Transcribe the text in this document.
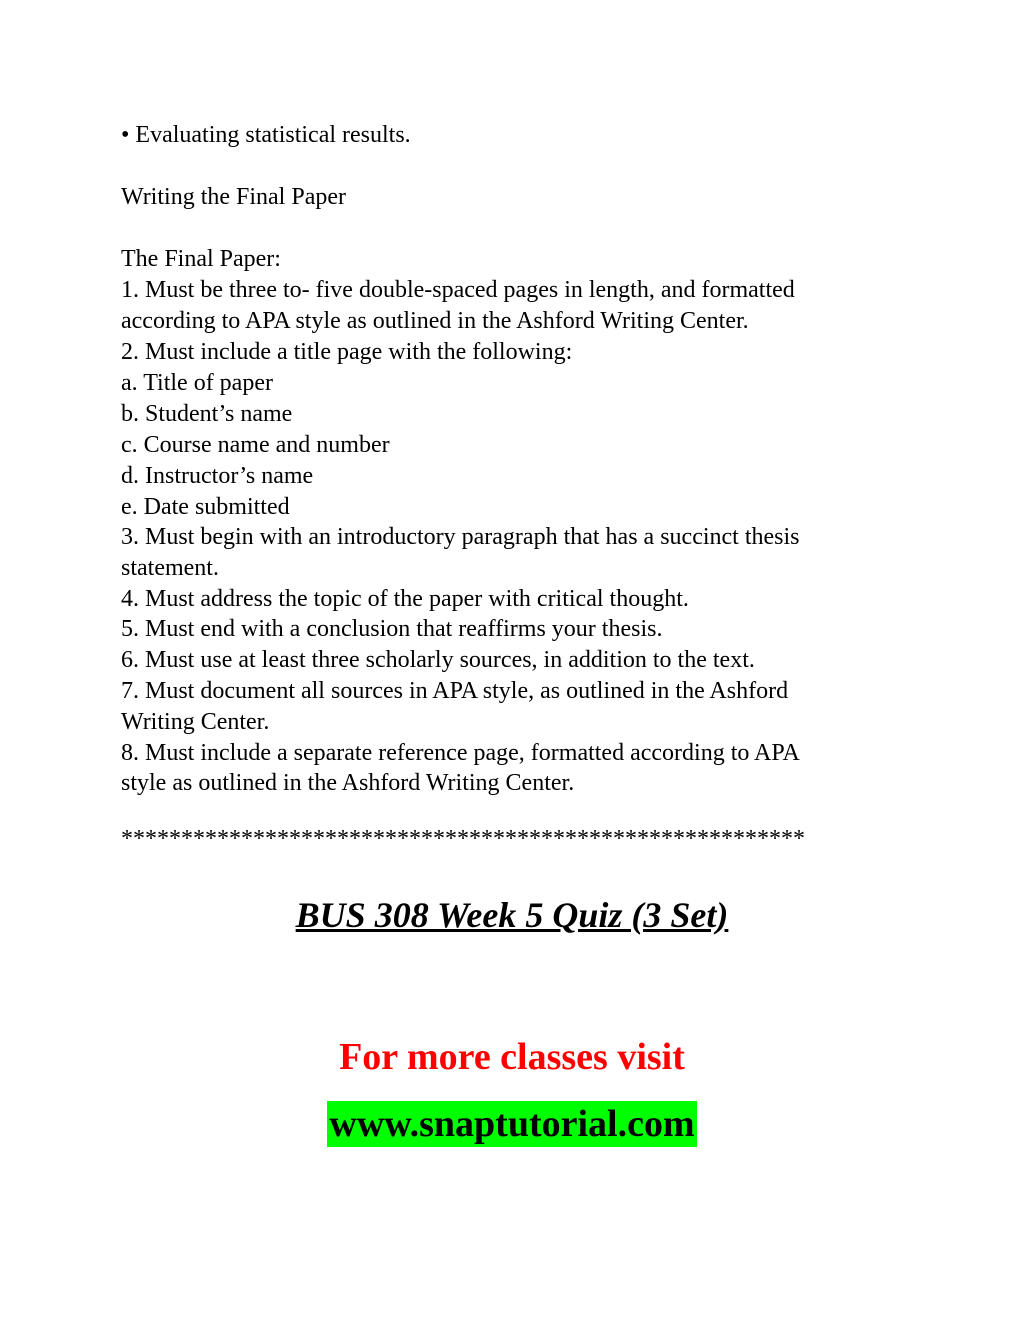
• Evaluating statistical results.
Writing the Final Paper
The Final Paper:
1. Must be three to- five double-spaced pages in length, and formatted
according to APA style as outlined in the Ashford Writing Center.
2. Must include a title page with the following:
a. Title of paper
b. Student’s name
c. Course name and number
d. Instructor’s name
e. Date submitted
3. Must begin with an introductory paragraph that has a succinct thesis
statement.
4. Must address the topic of the paper with critical thought.
5. Must end with a conclusion that reaffirms your thesis.
6. Must use at least three scholarly sources, in addition to the text.
7. Must document all sources in APA style, as outlined in the Ashford
Writing Center.
8. Must include a separate reference page, formatted according to APA
style as outlined in the Ashford Writing Center.
*********************************************************
BUS 308 Week 5 Quiz (3 Set)
For more classes visit
www.snaptutorial.com
